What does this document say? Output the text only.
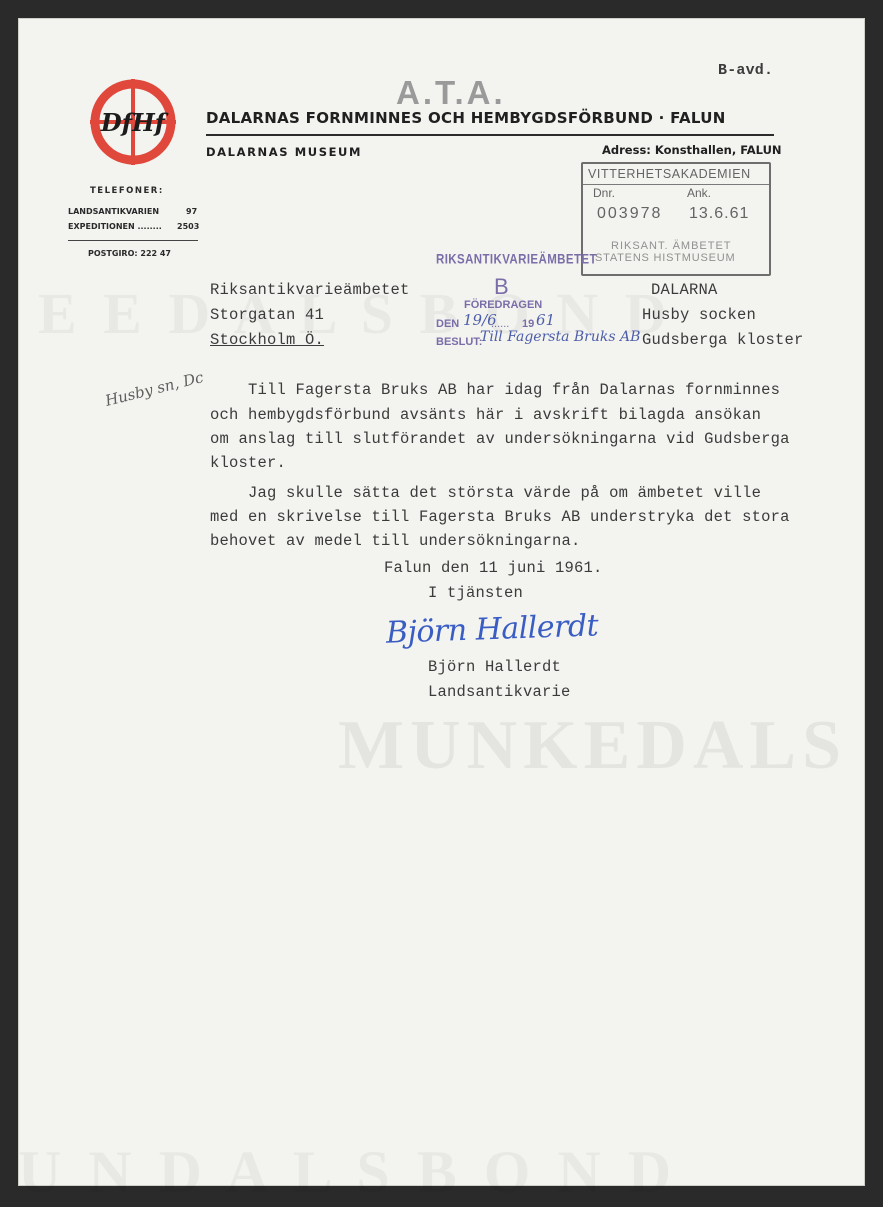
MUNKEDALS
B-avd.
DfHf
A.T.A.
DALARNAS FORNMINNES OCH HEMBYGDSFÖRBUND · FALUN
DALARNAS MUSEUM	Adress: Konsthallen, FALUN
TELEFONER:
LANDSANTIKVARIEN	97
EXPEDITIONEN ........ 2503
POSTGIRO: 222 47
VITTERHETSAKADEMIEN
Dnr.	Ank.
003978 13.6.61
RIKSANT. ÄMBETET
STATENS HISTMUSEUM
RIKSANTIKVARIEÄMBETET
B
FÖREDRAGEN
DEN 19/6
...... 19 61
BESLUT:
Till Fagersta Bruks AB
Riksantikvarieämbetet
Storgatan 41
Stockholm Ö.
DALARNA
Husby socken
Gudsberga kloster
Husby sn, Dc Till Fagersta Bruks AB har idag från Dalarnas fornminnes
och hembygdsförbund avsänts här i avskrift bilagda ansökan
om anslag till slutförandet av undersökningarna vid Gudsberga
kloster.
Jag skulle sätta det största värde på om ämbetet ville
med en skrivelse till Fagersta Bruks AB understryka det stora
behovet av medel till undersökningarna.
Falun den 11 juni 1961.
I tjänsten
Björn Hallerdt
Björn Hallerdt
Landsantikvarie
